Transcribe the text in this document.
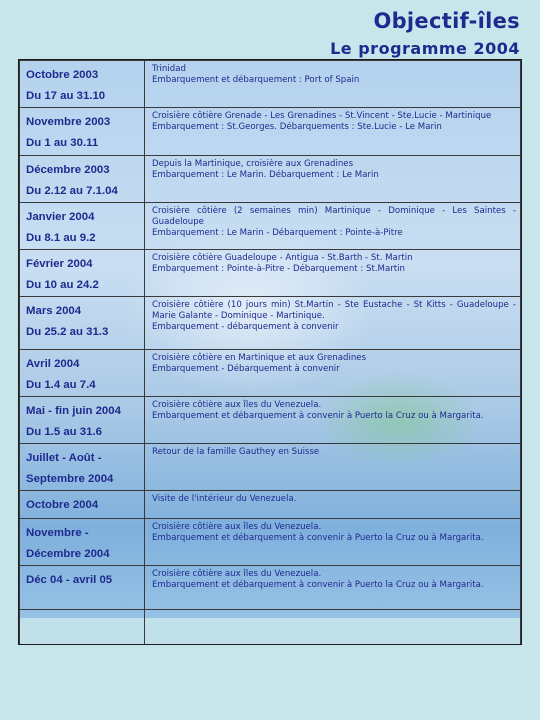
Objectif-îles
Le programme 2004
Octobre 2003
Du 17 au 31.10	Trinidad
Embarquement et débarquement : Port of Spain

Novembre 2003
Du 1 au 30.11	Croisière côtière Grenade - Les Grenadines - St.Vincent - Ste.Lucie - Martinique
Embarquement : St.Georges. Débarquements : Ste.Lucie - Le Marin

Décembre 2003
Du 2.12 au 7.1.04	Depuis la Martinique, croisière aux Grenadines
Embarquement : Le Marin. Débarquement : Le Marin

Janvier 2004
Du 8.1 au 9.2	Croisière côtière (2 semaines min) Martinique - Dominique - Les Saintes - Guadeloupe
Embarquement : Le Marin - Débarquement : Pointe-à-Pitre

Février 2004
Du 10 au 24.2	Croisière côtière Guadeloupe - Antigua - St.Barth - St. Martin
Embarquement : Pointe-à-Pitre - Débarquement : St.Martin

Mars 2004
Du 25.2 au 31.3	Croisière côtière (10 jours min) St.Martin - Ste Eustache - St Kitts - Guadeloupe - Marie Galante - Dominique - Martinique.
Embarquement - débarquement à convenir

Avril 2004
Du 1.4 au 7.4	Croisière côtière en Martinique et aux Grenadines
Embarquement - Débarquement à convenir

Mai - fin juin 2004
Du 1.5 au 31.6	Croisière côtière aux îles du Venezuela.
Embarquement et débarquement à convenir à Puerto la Cruz ou à Margarita.

Juillet - Août -
Septembre 2004	Retour de la famille Gauthey en Suisse

Octobre 2004	Visite de l'intérieur du Venezuela.

Novembre -
Décembre 2004	Croisière côtière aux îles du Venezuela.
Embarquement et débarquement à convenir à Puerto la Cruz ou à Margarita.

Déc 04 - avril 05	Croisière côtière aux îles du Venezuela.
Embarquement et débarquement à convenir à Puerto la Cruz ou à Margarita.
